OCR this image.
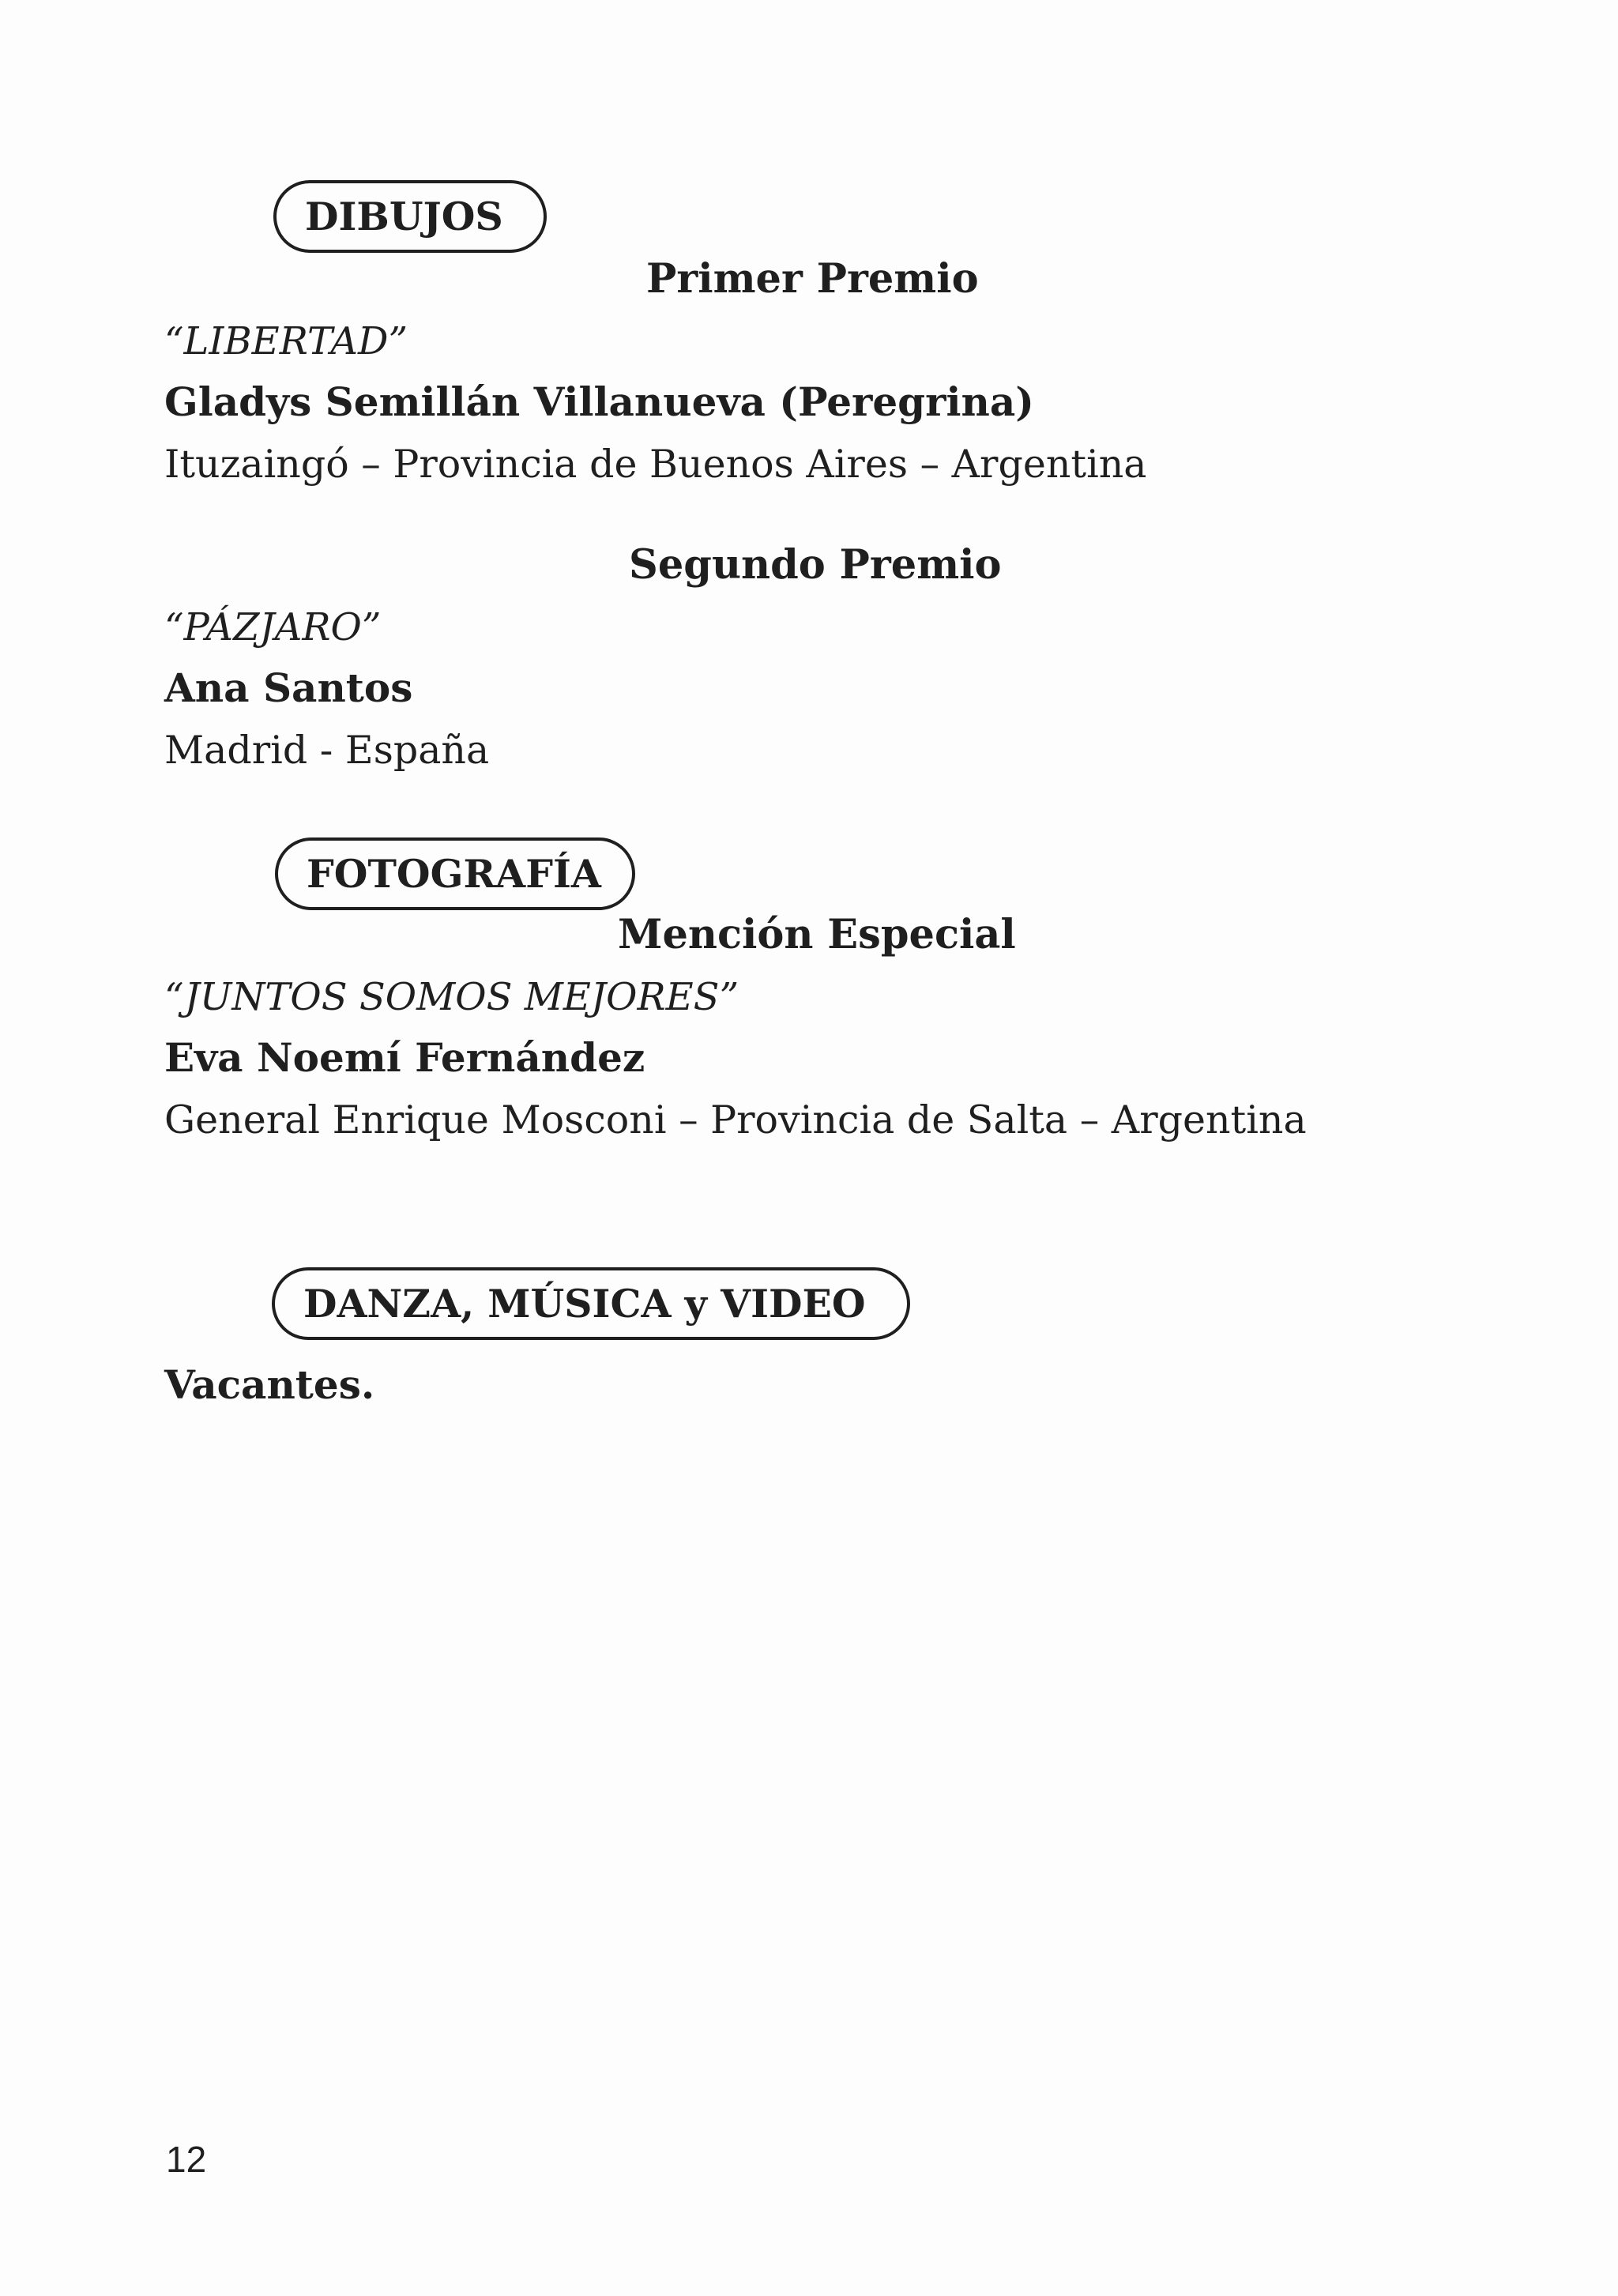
DIBUJOS
Primer Premio
“LIBERTAD”
Gladys Semillán Villanueva (Peregrina)
Ituzaingó – Provincia de Buenos Aires – Argentina
Segundo Premio
“PÁZJARO”
Ana Santos
Madrid - España
FOTOGRAFÍA
Mención Especial
“JUNTOS SOMOS MEJORES”
Eva Noemí Fernández
General Enrique Mosconi – Provincia de Salta – Argentina
DANZA, MÚSICA y VIDEO
Vacantes.
12
